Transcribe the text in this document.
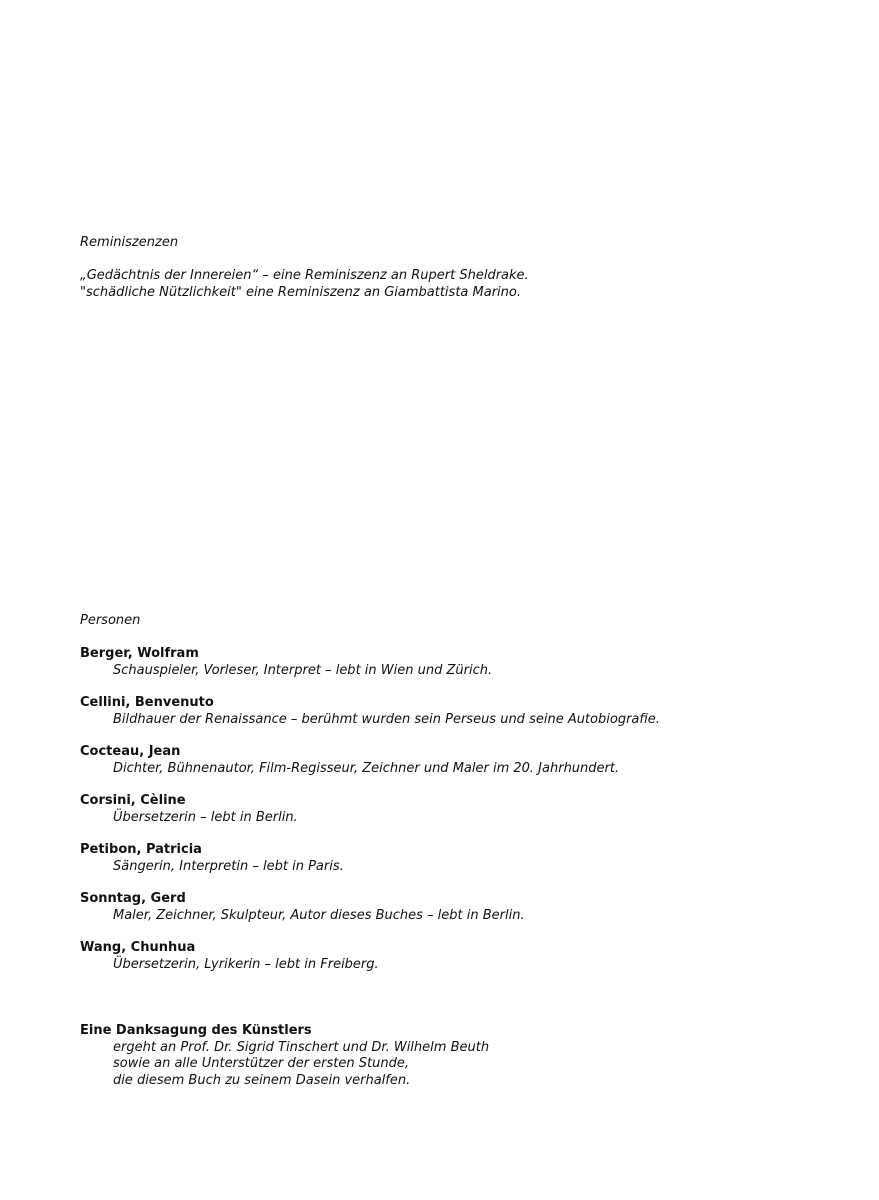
Reminiszenzen

„Gedächtnis der Innereien“ – eine Reminiszenz an Rupert Sheldrake.

"schädliche Nützlichkeit" eine Reminiszenz an Giambattista Marino.

Personen

Berger, Wolfram

Schauspieler, Vorleser, Interpret – lebt in Wien und Zürich.

Cellini, Benvenuto

Bildhauer der Renaissance – berühmt wurden sein Perseus und seine Autobiografie.

Cocteau, Jean

Dichter, Bühnenautor, Film-Regisseur, Zeichner und Maler im 20. Jahrhundert.

Corsini, Cèline

Übersetzerin – lebt in Berlin.

Petibon, Patricia

Sängerin, Interpretin – lebt in Paris.

Sonntag, Gerd

Maler, Zeichner, Skulpteur, Autor dieses Buches – lebt in Berlin.

Wang, Chunhua

Übersetzerin, Lyrikerin – lebt in Freiberg.

Eine Danksagung des Künstlers

ergeht an Prof. Dr. Sigrid Tinschert und Dr. Wilhelm Beuth

sowie an alle Unterstützer der ersten Stunde,

die diesem Buch zu seinem Dasein verhalfen.
